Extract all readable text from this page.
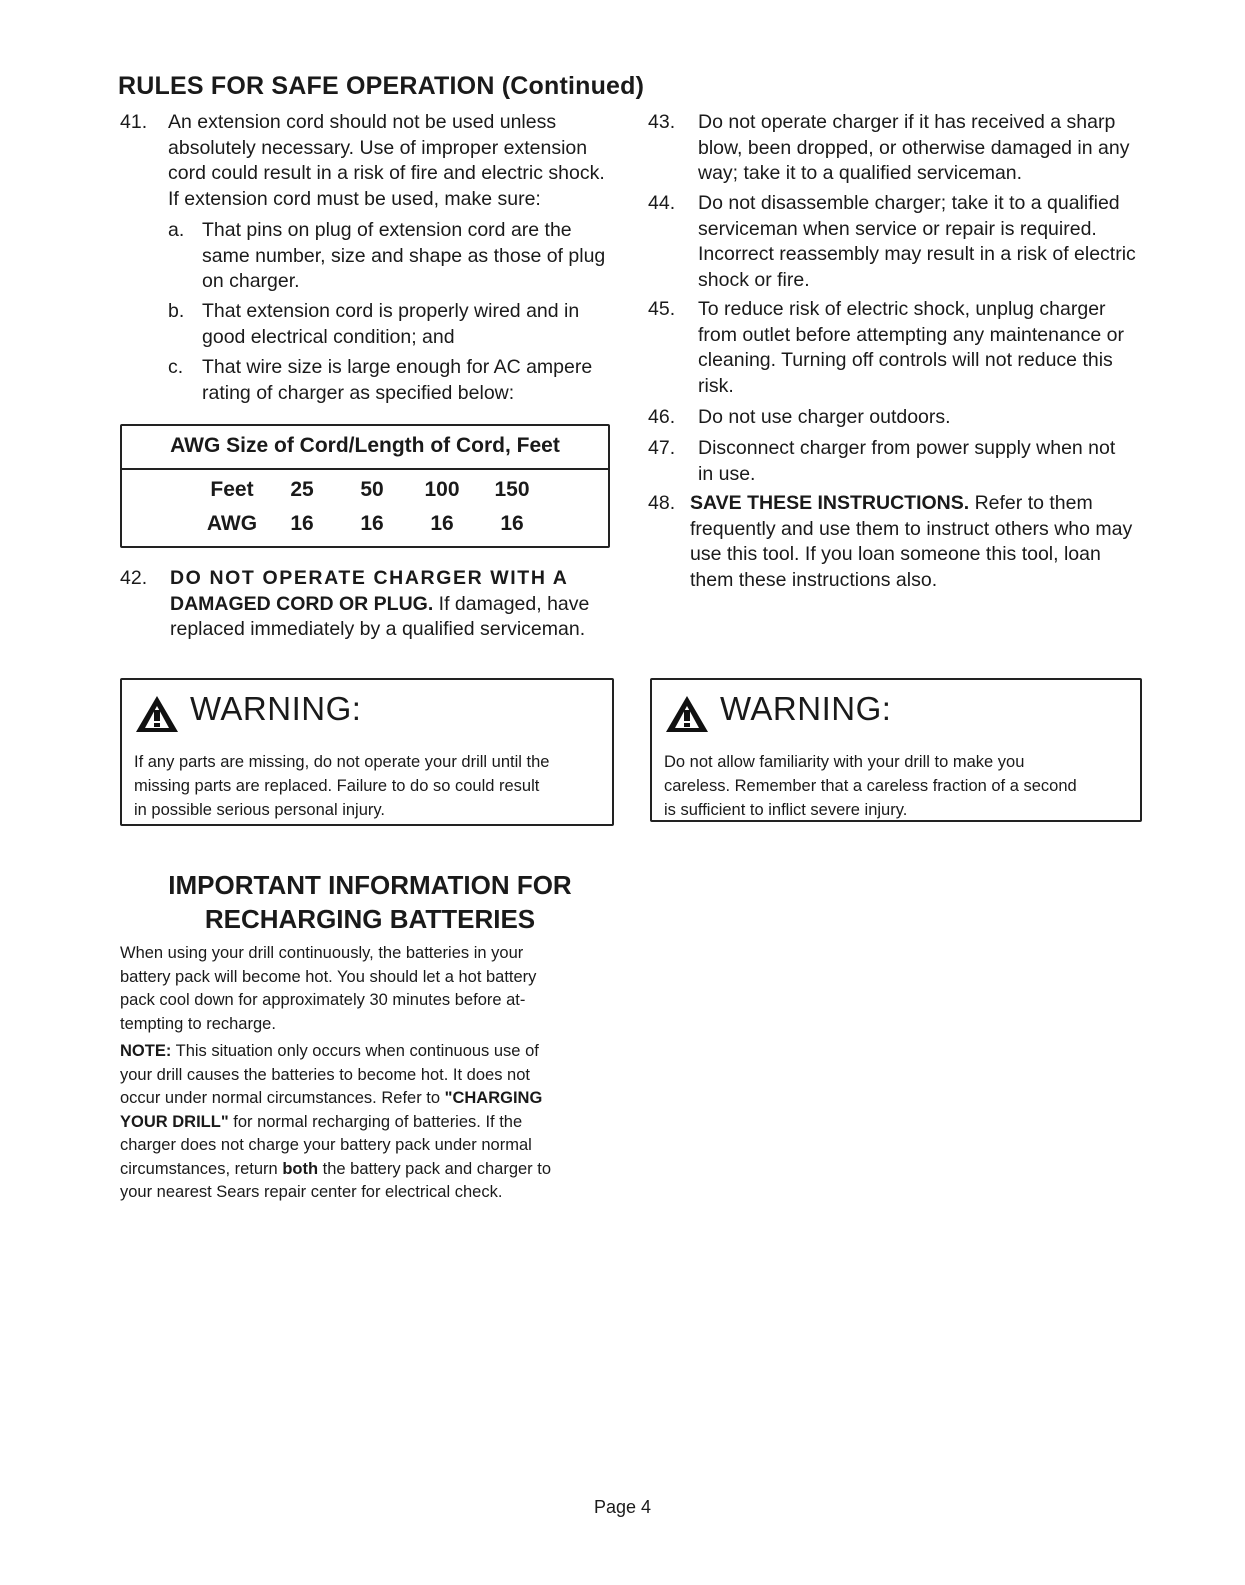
RULES FOR SAFE OPERATION (Continued)
41. An extension cord should not be used unless
absolutely necessary. Use of improper extension
cord could result in a risk of fire and electric shock.
If extension cord must be used, make sure:
a. That pins on plug of extension cord are the
same number, size and shape as those of plug
on charger.
b. That extension cord is properly wired and in
good electrical condition; and
c. That wire size is large enough for AC ampere
rating of charger as specified below:
42. DO NOT OPERATE CHARGER WITH A
DAMAGED CORD OR PLUG. If damaged, have
replaced immediately by a qualified serviceman.
AWG Size of Cord/Length of Cord, Feet
Feet	25	50	100	150
AWG	16	16	16	16
43. Do not operate charger if it has received a sharp
blow, been dropped, or otherwise damaged in any
way; take it to a qualified serviceman.
44. Do not disassemble charger; take it to a qualified
serviceman when service or repair is required.
Incorrect reassembly may result in a risk of electric
shock or fire.
45. To reduce risk of electric shock, unplug charger
from outlet before attempting any maintenance or
cleaning. Turning off controls will not reduce this
risk.
46. Do not use charger outdoors.
47. Disconnect charger from power supply when not
in use.
48. SAVE THESE INSTRUCTIONS. Refer to them
frequently and use them to instruct others who may
use this tool. If you loan someone this tool, loan
them these instructions also.
WARNING:
If any parts are missing, do not operate your drill until the
missing parts are replaced. Failure to do so could result
in possible serious personal injury.
WARNING:
Do not allow familiarity with your drill to make you
careless. Remember that a careless fraction of a second
is sufficient to inflict severe injury.
IMPORTANT INFORMATION FOR
RECHARGING BATTERIES
When using your drill continuously, the batteries in your
battery pack will become hot. You should let a hot battery
pack cool down for approximately 30 minutes before at-
tempting to recharge.
NOTE: This situation only occurs when continuous use of
your drill causes the batteries to become hot. It does not
occur under normal circumstances. Refer to "CHARGING
YOUR DRILL" for normal recharging of batteries. If the
charger does not charge your battery pack under normal
circumstances, return both the battery pack and charger to
your nearest Sears repair center for electrical check.
Page 4
